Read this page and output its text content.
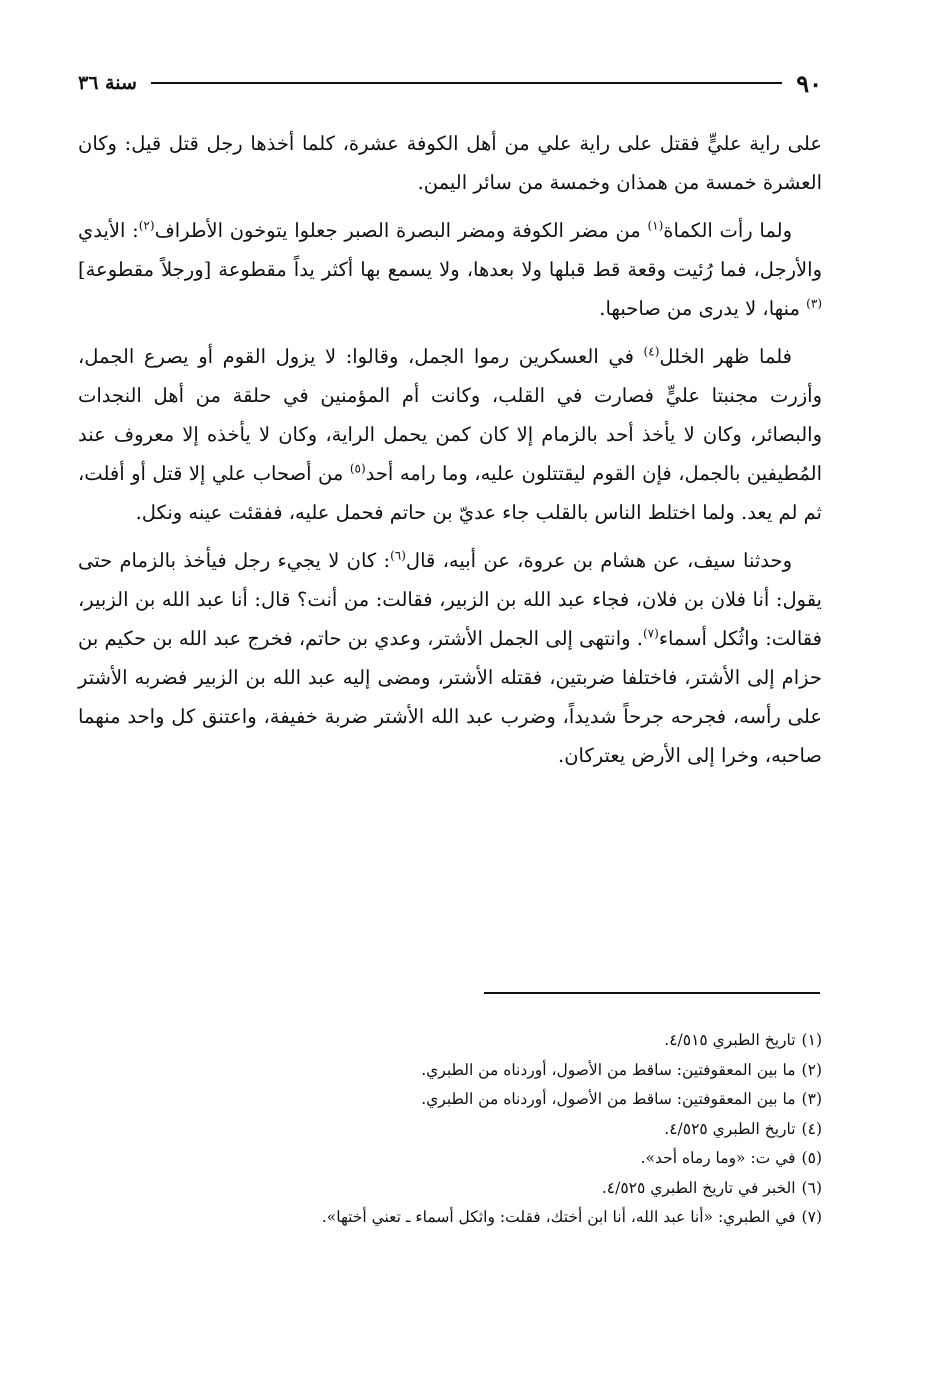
٩٠
سنة ٣٦

على راية عليٍّ فقتل على راية علي من أهل الكوفة عشرة، كلما أخذها رجل قتل قيل: وكان العشرة خمسة من همذان وخمسة من سائر اليمن.

ولما رأت الكماة$^{(١)}$ من مضر الكوفة ومضر البصرة الصبر جعلوا يتوخون الأطراف$^{(٢)}$: الأيدي والأرجل، فما رُئيت وقعة قط قبلها ولا بعدها، ولا يسمع بها أكثر يداً مقطوعة [ورجلاً مقطوعة]$^{(٣)}$ منها، لا يدرى من صاحبها.

فلما ظهر الخلل$^{(٤)}$ في العسكرين رموا الجمل، وقالوا: لا يزول القوم أو يصرع الجمل، وأزرت مجنبتا عليٍّ فصارت في القلب، وكانت أم المؤمنين في حلقة من أهل النجدات والبصائر، وكان لا يأخذ أحد بالزمام إلا كان كمن يحمل الراية، وكان لا يأخذه إلا معروف عند المُطيفين بالجمل، فإن القوم ليقتتلون عليه، وما رامه أحد$^{(٥)}$ من أصحاب علي إلا قتل أو أفلت، ثم لم يعد. ولما اختلط الناس بالقلب جاء عديّ بن حاتم فحمل عليه، ففقئت عينه ونكل.

وحدثنا سيف، عن هشام بن عروة، عن أبيه، قال$^{(٦)}$: كان لا يجيء رجل فيأخذ بالزمام حتى يقول: أنا فلان بن فلان، فجاء عبد الله بن الزبير، فقالت: من أنت؟ قال: أنا عبد الله بن الزبير، فقالت: واثُكل أسماء$^{(٧)}$. وانتهى إلى الجمل الأشتر، وعدي بن حاتم، فخرج عبد الله بن حكيم بن حزام إلى الأشتر، فاختلفا ضربتين، فقتله الأشتر، ومضى إليه عبد الله بن الزبير فضربه الأشتر على رأسه، فجرحه جرحاً شديداً، وضرب عبد الله الأشتر ضربة خفيفة، واعتنق كل واحد منهما صاحبه، وخرا إلى الأرض يعتركان.

(١)تاريخ الطبري ٤/٥١٥.
(٢)ما بين المعقوفتين: ساقط من الأصول، أوردناه من الطبري.
(٣)ما بين المعقوفتين: ساقط من الأصول، أوردناه من الطبري.
(٤)تاريخ الطبري ٤/٥٢٥.
(٥)في ت: «وما رماه أحد».
(٦)الخبر في تاريخ الطبري ٤/٥٢٥.
(٧)في الطبري: «أنا عبد الله، أنا ابن أختك، فقلت: واثكل أسماء ـ تعني أختها».
